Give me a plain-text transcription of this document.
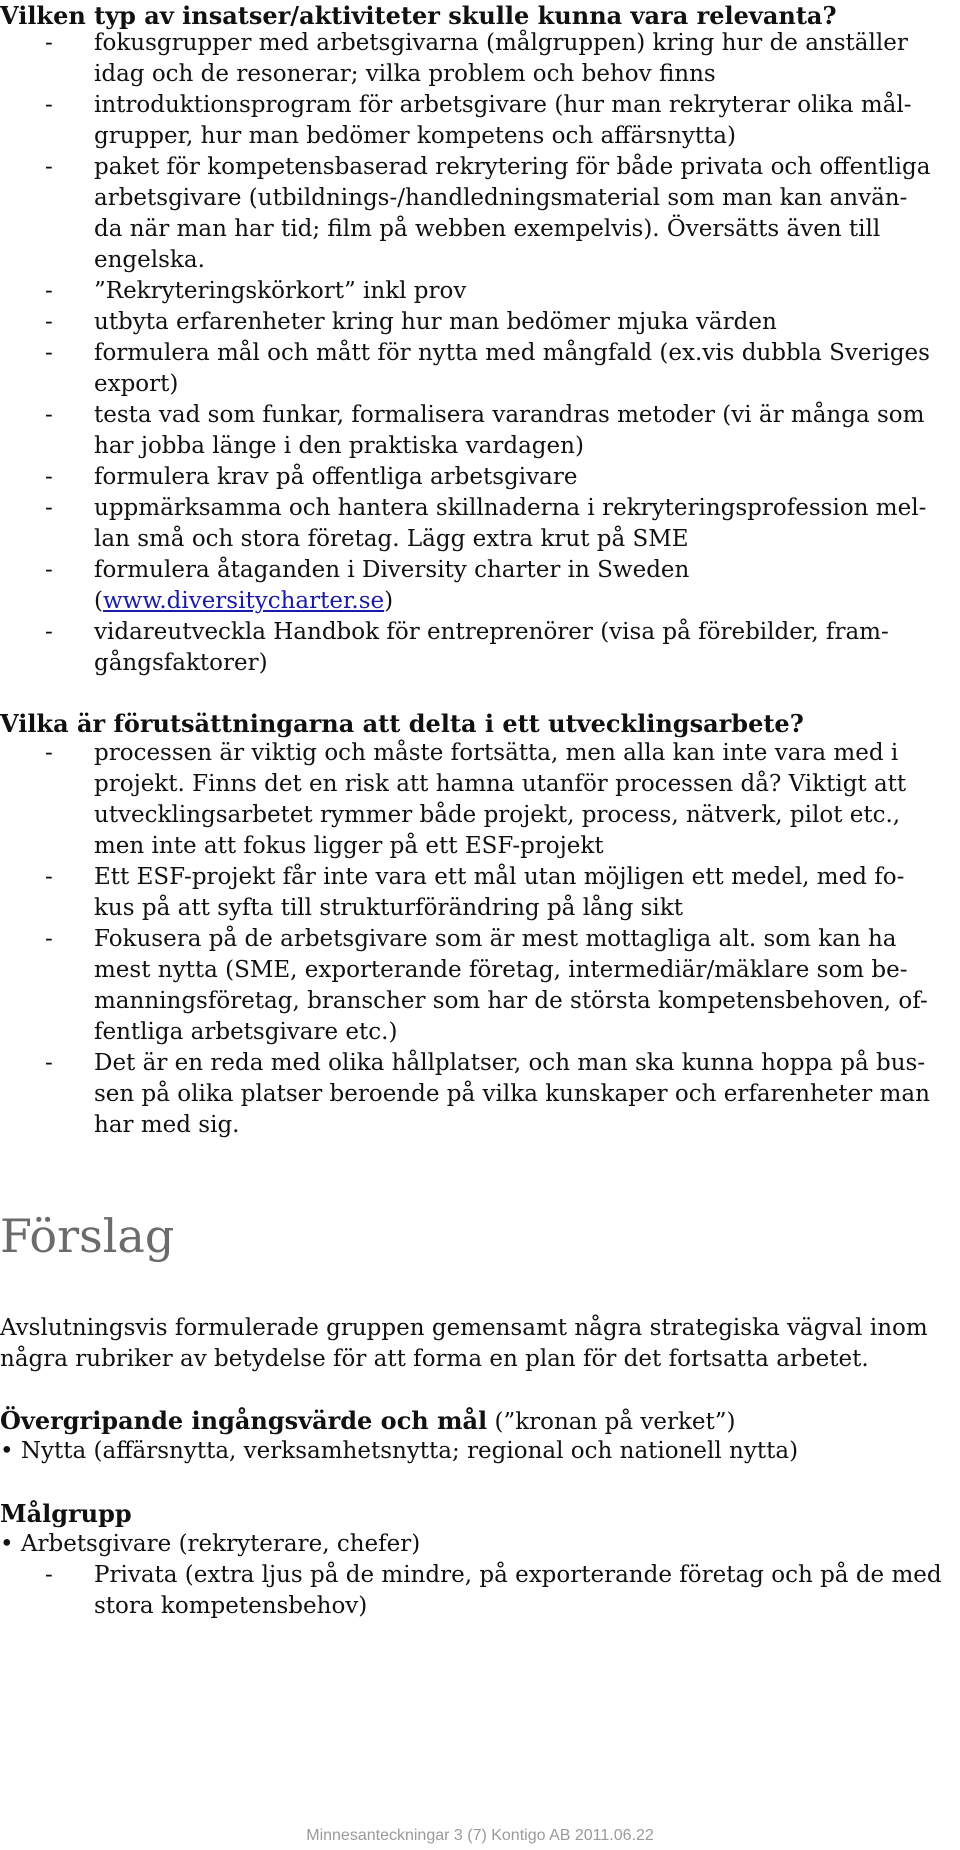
Vilken typ av insatser/aktiviteter skulle kunna vara relevanta?
- fokusgrupper med arbetsgivarna (målgruppen) kring hur de anställer
idag och de resonerar; vilka problem och behov finns
- introduktionsprogram för arbetsgivare (hur man rekryterar olika mål-
grupper, hur man bedömer kompetens och affärsnytta)
- paket för kompetensbaserad rekrytering för både privata och offentliga
arbetsgivare (utbildnings-/handledningsmaterial som man kan använ-
da när man har tid; film på webben exempelvis). Översätts även till
engelska.
- ”Rekryteringskörkort” inkl prov
- utbyta erfarenheter kring hur man bedömer mjuka värden
- formulera mål och mått för nytta med mångfald (ex.vis dubbla Sveriges
export)
- testa vad som funkar, formalisera varandras metoder (vi är många som
har jobba länge i den praktiska vardagen)
- formulera krav på offentliga arbetsgivare
- uppmärksamma och hantera skillnaderna i rekryteringsprofession mel-
lan små och stora företag. Lägg extra krut på SME
- formulera åtaganden i Diversity charter in Sweden
(www.diversitycharter.se)
- vidareutveckla Handbok för entreprenörer (visa på förebilder, fram-
gångsfaktorer)
Vilka är förutsättningarna att delta i ett utvecklingsarbete?
- processen är viktig och måste fortsätta, men alla kan inte vara med i
projekt. Finns det en risk att hamna utanför processen då? Viktigt att
utvecklingsarbetet rymmer både projekt, process, nätverk, pilot etc.,
men inte att fokus ligger på ett ESF-projekt
- Ett ESF-projekt får inte vara ett mål utan möjligen ett medel, med fo-
kus på att syfta till strukturförändring på lång sikt
- Fokusera på de arbetsgivare som är mest mottagliga alt. som kan ha
mest nytta (SME, exporterande företag, intermediär/mäklare som be-
manningsföretag, branscher som har de största kompetensbehoven, of-
fentliga arbetsgivare etc.)
- Det är en reda med olika hållplatser, och man ska kunna hoppa på bus-
sen på olika platser beroende på vilka kunskaper och erfarenheter man
har med sig.
Förslag

Avslutningsvis formulerade gruppen gemensamt några strategiska vägval inom
några rubriker av betydelse för att forma en plan för det fortsatta arbetet.

Övergripande ingångsvärde och mål (”kronan på verket”)

• Nytta (affärsnytta, verksamhetsnytta; regional och nationell nytta)

Målgrupp

• Arbetsgivare (rekryterare, chefer)

- Privata (extra ljus på de mindre, på exporterande företag och på de med
stora kompetensbehov)
Minnesanteckningar 3 (7) Kontigo AB 2011.06.22
